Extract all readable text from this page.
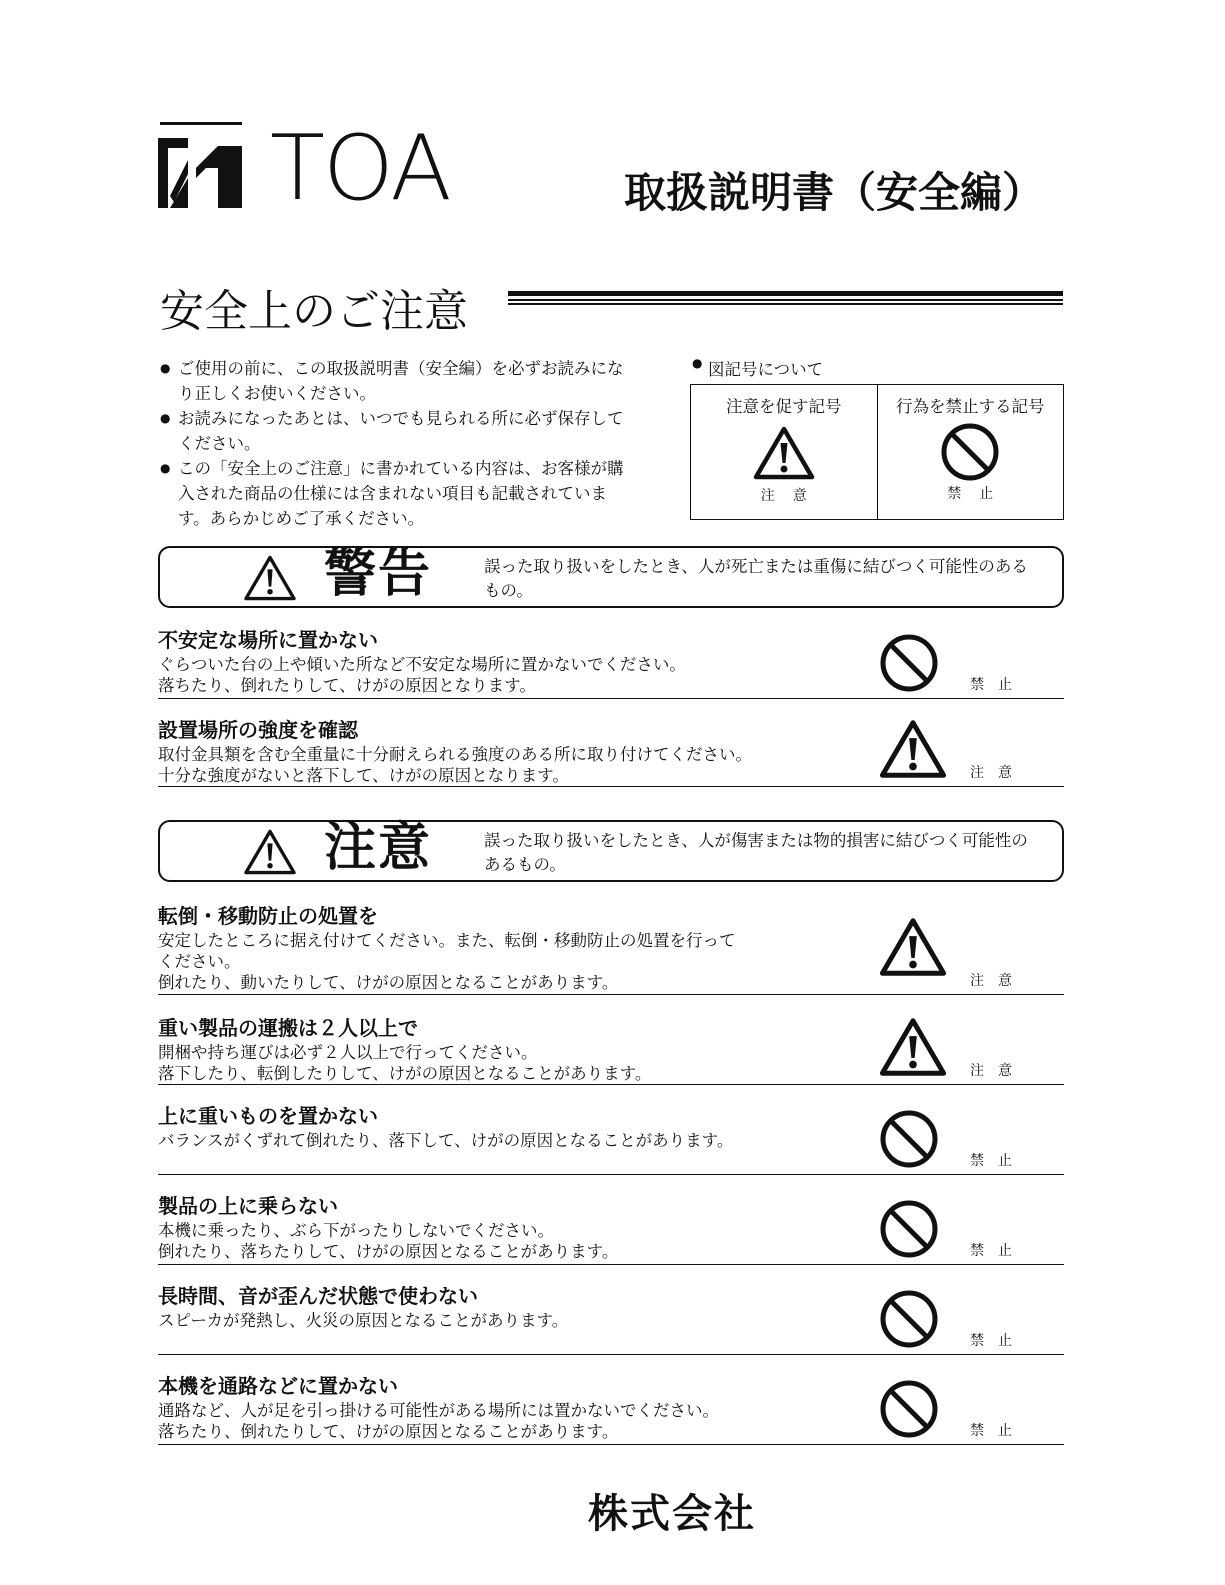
TOA	取扱説明書（安全編）
安全上のご注意
● ご使用の前に、この取扱説明書（安全編）を必ずお読みになり正しくお使いください。
● お読みになったあとは、いつでも見られる所に必ず保存してください。
● この「安全上のご注意」に書かれている内容は、お客様が購入された商品の仕様には含まれない項目も記載されています。あらかじめご了承ください。
● 図記号について
注意を促す記号
注意
行為を禁止する記号
禁止
警告	誤った取り扱いをしたとき、人が死亡または重傷に結びつく可能性のあるもの。
不安定な場所に置かない
ぐらついた台の上や傾いた所など不安定な場所に置かないでください。
落ちたり、倒れたりして、けがの原因となります。	禁止
設置場所の強度を確認
取付金具類を含む全重量に十分耐えられる強度のある所に取り付けてください。
十分な強度がないと落下して、けがの原因となります。	注意
注意	誤った取り扱いをしたとき、人が傷害または物的損害に結びつく可能性のあるもの。
転倒・移動防止の処置を
安定したところに据え付けてください。また、転倒・移動防止の処置を行って
ください。
倒れたり、動いたりして、けがの原因となることがあります。	注意
重い製品の運搬は２人以上で
開梱や持ち運びは必ず２人以上で行ってください。
落下したり、転倒したりして、けがの原因となることがあります。	注意
上に重いものを置かない
バランスがくずれて倒れたり、落下して、けがの原因となることがあります。
禁止
製品の上に乗らない
本機に乗ったり、ぶら下がったりしないでください。
倒れたり、落ちたりして、けがの原因となることがあります。	禁止
長時間、音が歪んだ状態で使わない
スピーカが発熱し、火災の原因となることがあります。
禁止
本機を通路などに置かない
通路など、人が足を引っ掛ける可能性がある場所には置かないでください。
落ちたり、倒れたりして、けがの原因となることがあります。	禁止
株式会社
